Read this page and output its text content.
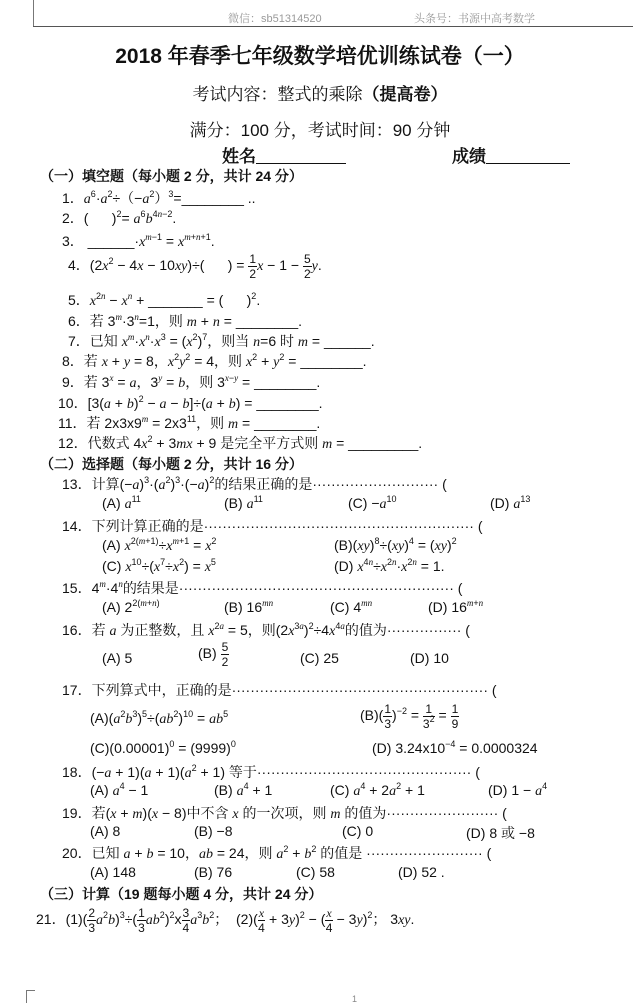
微信：sb51314520	头条号：书源中高考数学
2018 年春季七年级数学培优训练试卷（一）
考试内容：整式的乘除（提高卷）
满分：100 分，考试时间：90 分钟
姓名	成绩
（一）填空题（每小题 2 分，共计 24 分）
1．$a^6\cdot a^2\div(-a^2)^3=\_\_\_\_\_\_\_\_$ ..
2．(      )$^2= a^6b^{4n-2}$.
3． $\_\_\_\_\_\_\cdot x^{m-1} = x^{m+n+1}$.
4．$(2x^2 - 4x - 10xy)\div$(      ) = $\frac{1}{2}$ $x - 1 - \frac{5}{2} y$.
5．$x^{2n} - x^n$ + _______ = (      )$^2$.
6．若 $3^m\cdot 3^n=1$，则 m + n = ________.
7．已知 $x^m\cdot x^n\cdot x^3 = (x^2)^7$，则当 n=6 时 m = ______.
8．若 x + y = 8，$x^2y^2 = 4$，则 $x^2 + y^2$ = ________.
9．若 $3^x = a$，$3^y = b$，则 $3^{x-y}$ = ________.
10．$[3(a + b)^2 - a - b]\div(a + b)$ = ________.
11．若 $2x3x9^m = 2x3^{11}$，则 m = ________.
12．代数式 $4x^2 + 3mx + 9$ 是完全平方式则 m = _________.
（二）选择题（每小题 2 分，共计 16 分）
13．计算$(-a)^3\cdot(a^2)^3\cdot(-a)^2$的结果正确的是··························· (
(A) $a^{11}$	(B) $a^{11}$	$(C) -a^{10}$	(D) $a^{13}$
14．下列计算正确的是·························································· (
(A) $x^{2(m+1)}\div x^{m+1} = x^2$	(B)(xy)$^8$÷(xy)$^4$ = (xy)$^2$
(C) $x^{10}\div(x^7\div x^2) = x^5$	(D) $x^{4n}\div x^{2n}\cdot x^{2n} = 1$.
15．$4^m\cdot 4^n$的结果是··························································· (
(A) $2^{2(m+n)}$	(B) $16^{mn}$	(C) $4^{mn}$	(D) $16^{m+n}$
16．若 a 为正整数，且 $x^{2a} = 5$，则$(2x^{3a})^2\div 4x^{4a}$的值为················ (
(A) 5	$(B) \frac{5}{2}$	(C) 25	(D) 10
17．下列算式中，正确的是······················································· (
$(A)(a^2b^3)^5\div(ab^2)^{10} = ab^5$	$(B)( \frac{1}{3} )^{-2} = \frac{1}{3^2} = \frac{1}{9}$
$(C)(0.00001)^0 = (9999)^0$	(D) $3.24x10^{-4} = 0.0000324$
18．$(-a + 1)(a + 1)(a^2 + 1)$ 等于·············································· (
(A) $a^4 - 1$	(B) $a^4 + 1$	(C) $a^4 + 2a^2 + 1$	(D) $1 - a^4$
19．若(x + m)(x − 8)中不含 x 的一次项，则 m 的值为························ (
(A) 8	(B) −8	(C) 0	(D) 8 或 −8
20．已知 a + b = 10，ab = 24，则 $a^2 + b^2$ 的值是 ························· (
(A) 148	(B) 76	(C) 58	(D) 52 .
（三）计算（19 题每小题 4 分，共计 24 分）
21．$(1)( \frac{2}{3} a^2b)^3\div( \frac{1}{3} ab^2)^2x \frac{3}{4} a^3b^2$；  $(2)( \frac{x}{4} + 3y)^2$ − ( $\frac{x}{4} - 3y)^2$； 3xy.
1
